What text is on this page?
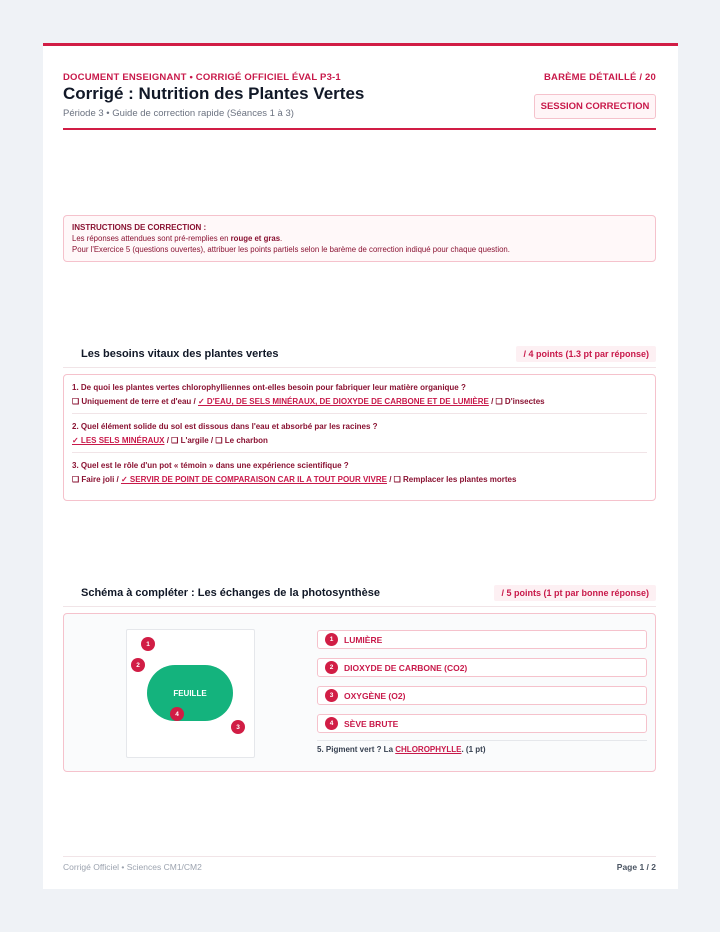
DOCUMENT ENSEIGNANT • CORRIGÉ OFFICIEL ÉVAL P3-1	BARÈME DÉTAILLÉ / 20
Corrigé : Nutrition des Plantes Vertes
Période 3 • Guide de correction rapide (Séances 1 à 3)
SESSION CORRECTION
INSTRUCTIONS DE CORRECTION :
Les réponses attendues sont pré-remplies en rouge et gras.
Pour l'Exercice 5 (questions ouvertes), attribuer les points partiels selon le barème de correction indiqué pour chaque question.
Les besoins vitaux des plantes vertes	/ 4 points (1.3 pt par réponse)
1. De quoi les plantes vertes chlorophylliennes ont-elles besoin pour fabriquer leur matière organique ?
❑ Uniquement de terre et d'eau / ✓ D'EAU, DE SELS MINÉRAUX, DE DIOXYDE DE CARBONE ET DE LUMIÈRE / ❑ D'insectes
2. Quel élément solide du sol est dissous dans l'eau et absorbé par les racines ?
✓ LES SELS MINÉRAUX / ❑ L'argile / ❑ Le charbon
3. Quel est le rôle d'un pot « témoin » dans une expérience scientifique ?
❑ Faire joli / ✓ SERVIR DE POINT DE COMPARAISON CAR IL A TOUT POUR VIVRE / ❑ Remplacer les plantes mortes
Schéma à compléter : Les échanges de la photosynthèse	/ 5 points (1 pt par bonne réponse)
FEUILLE
1
2
3
4
1	LUMIÈRE
2	DIOXYDE DE CARBONE (CO2)
3	OXYGÈNE (O2)
4	SÈVE BRUTE
5. Pigment vert ? La CHLOROPHYLLE. (1 pt)
Corrigé Officiel • Sciences CM1/CM2	Page 1 / 2
